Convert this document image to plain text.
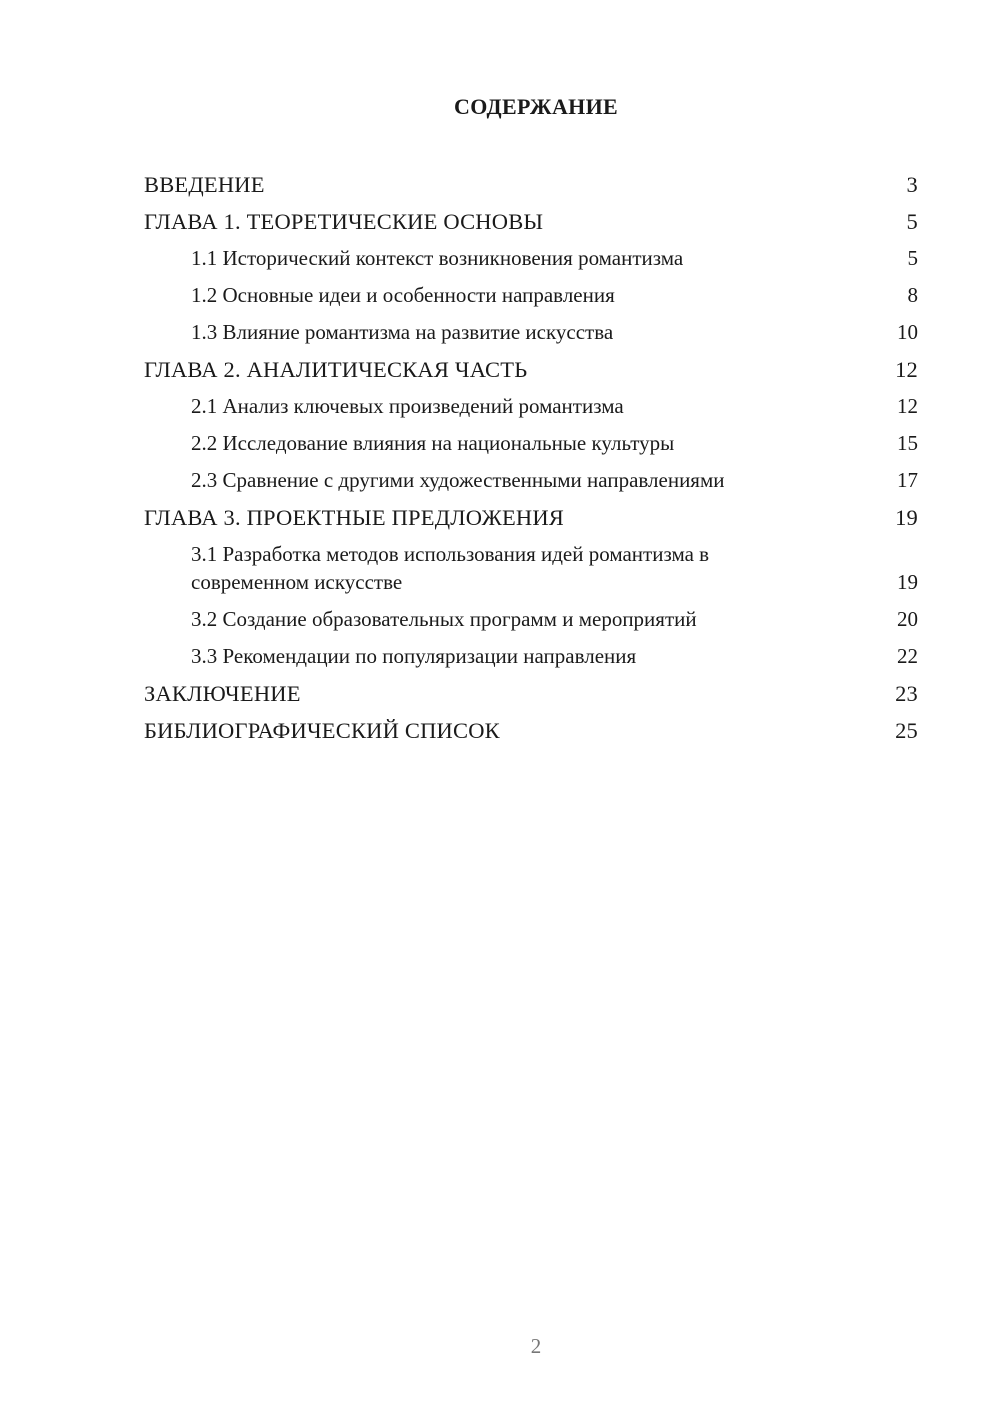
СОДЕРЖАНИЕ
ВВЕДЕНИЕ	3
ГЛАВА 1. ТЕОРЕТИЧЕСКИЕ ОСНОВЫ	5
1.1 Исторический контекст возникновения романтизма	5
1.2 Основные идеи и особенности направления	8
1.3 Влияние романтизма на развитие искусства	10
ГЛАВА 2. АНАЛИТИЧЕСКАЯ ЧАСТЬ	12
2.1 Анализ ключевых произведений романтизма	12
2.2 Исследование влияния на национальные культуры	15
2.3 Сравнение с другими художественными направлениями	17
ГЛАВА 3. ПРОЕКТНЫЕ ПРЕДЛОЖЕНИЯ	19
3.1 Разработка методов использования идей романтизма в
современном искусстве	19
3.2 Создание образовательных программ и мероприятий	20
3.3 Рекомендации по популяризации направления	22
ЗАКЛЮЧЕНИЕ	23
БИБЛИОГРАФИЧЕСКИЙ СПИСОК	25
2
